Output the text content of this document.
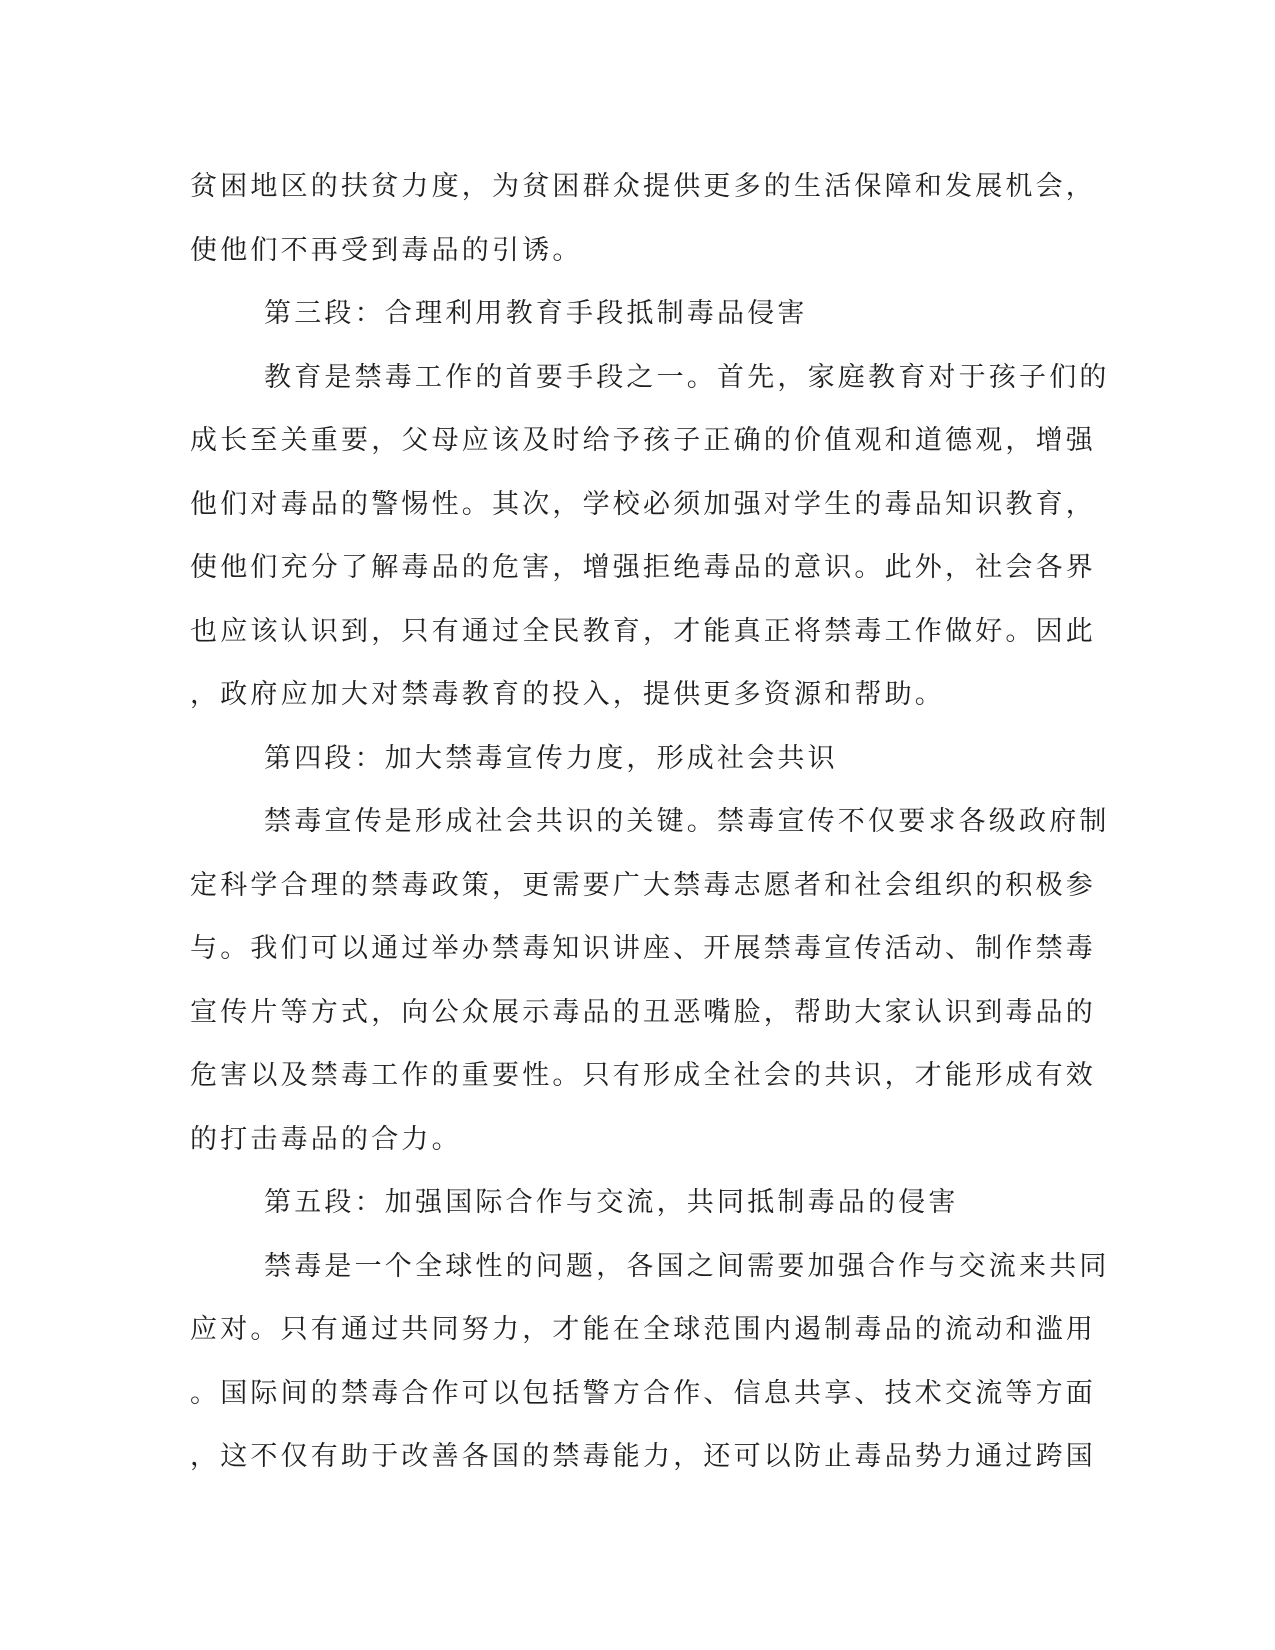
贫困地区的扶贫力度，为贫困群众提供更多的生活保障和发展机会，
使他们不再受到毒品的引诱。
第三段：合理利用教育手段抵制毒品侵害
教育是禁毒工作的首要手段之一。首先，家庭教育对于孩子们的
成长至关重要，父母应该及时给予孩子正确的价值观和道德观，增强
他们对毒品的警惕性。其次，学校必须加强对学生的毒品知识教育，
使他们充分了解毒品的危害，增强拒绝毒品的意识。此外，社会各界
也应该认识到，只有通过全民教育，才能真正将禁毒工作做好。因此
，政府应加大对禁毒教育的投入，提供更多资源和帮助。
第四段：加大禁毒宣传力度，形成社会共识
禁毒宣传是形成社会共识的关键。禁毒宣传不仅要求各级政府制
定科学合理的禁毒政策，更需要广大禁毒志愿者和社会组织的积极参
与。我们可以通过举办禁毒知识讲座、开展禁毒宣传活动、制作禁毒
宣传片等方式，向公众展示毒品的丑恶嘴脸，帮助大家认识到毒品的
危害以及禁毒工作的重要性。只有形成全社会的共识，才能形成有效
的打击毒品的合力。
第五段：加强国际合作与交流，共同抵制毒品的侵害
禁毒是一个全球性的问题，各国之间需要加强合作与交流来共同
应对。只有通过共同努力，才能在全球范围内遏制毒品的流动和滥用
。国际间的禁毒合作可以包括警方合作、信息共享、技术交流等方面
，这不仅有助于改善各国的禁毒能力，还可以防止毒品势力通过跨国
